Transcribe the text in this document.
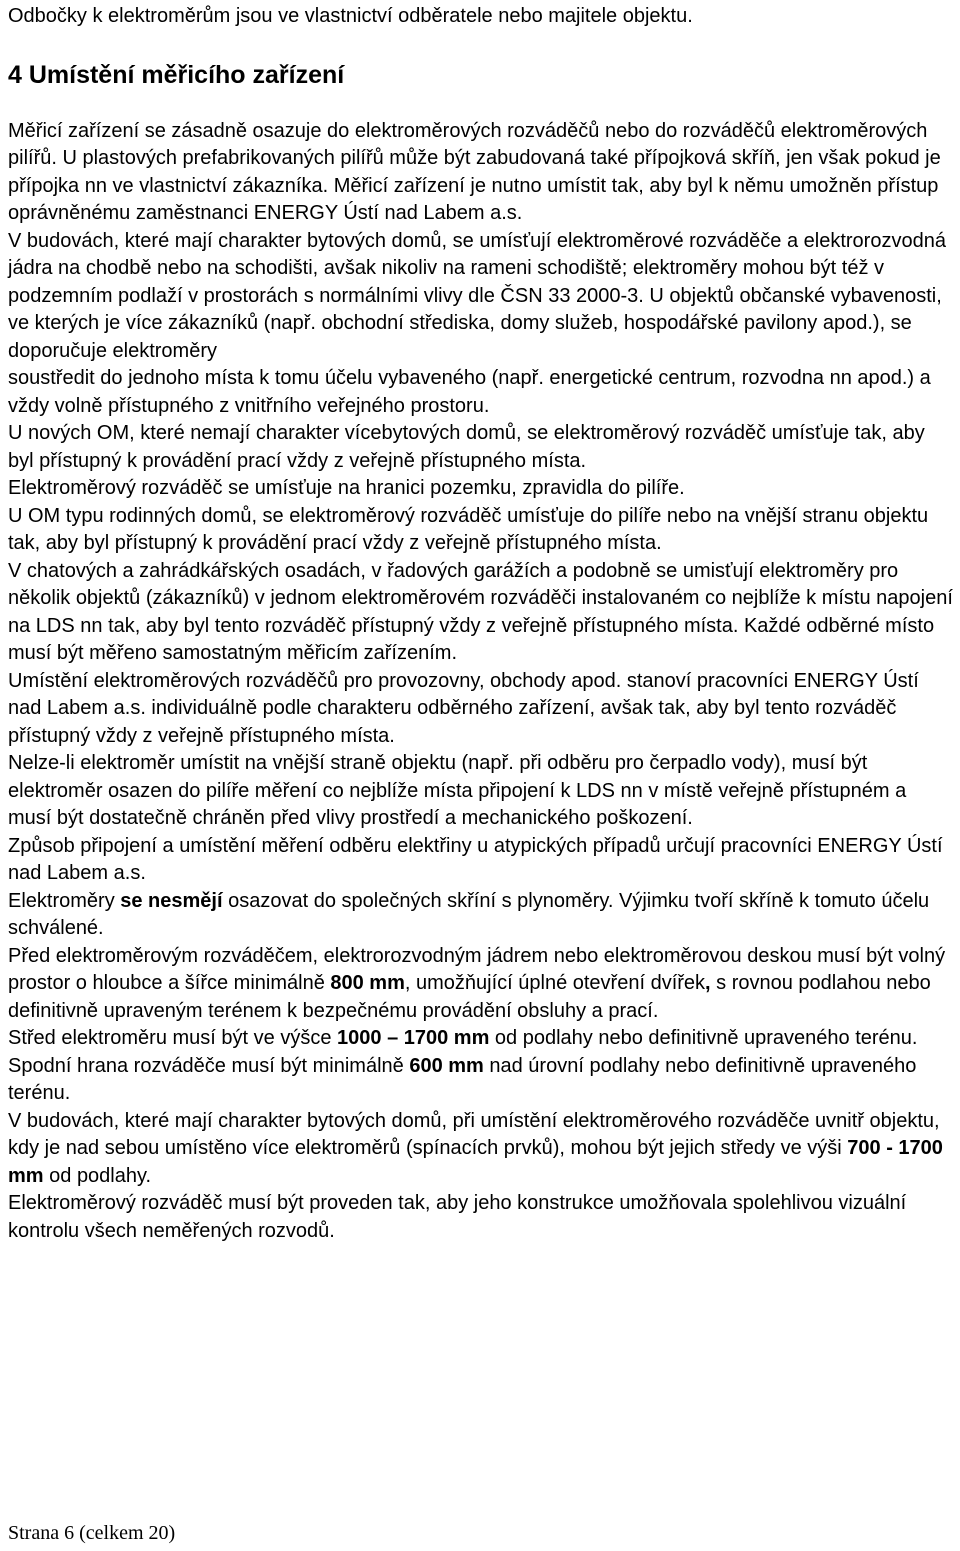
Odbočky k elektroměrům jsou ve vlastnictví odběratele nebo majitele objektu.

4 Umístění měřicího zařízení

Měřicí zařízení se zásadně osazuje do elektroměrových rozváděčů nebo do rozváděčů elektroměrových pilířů. U plastových prefabrikovaných pilířů může být zabudovaná také přípojková skříň, jen však pokud je přípojka nn ve vlastnictví zákazníka. Měřicí zařízení je nutno umístit tak, aby byl k němu umožněn přístup oprávněnému zaměstnanci ENERGY Ústí nad Labem a.s.

V budovách, které mají charakter bytových domů, se umísťují elektroměrové rozváděče a elektrorozvodná jádra na chodbě nebo na schodišti, avšak nikoliv na rameni schodiště; elektroměry mohou být též v podzemním podlaží v prostorách s normálními vlivy dle ČSN 33 2000-3. U objektů občanské vybavenosti, ve kterých je více zákazníků (např. obchodní střediska, domy služeb, hospodářské pavilony apod.), se doporučuje elektroměry

soustředit do jednoho místa k tomu účelu vybaveného (např. energetické centrum, rozvodna nn apod.) a vždy volně přístupného z vnitřního veřejného prostoru.

U nových OM, které nemají charakter vícebytových domů, se elektroměrový rozváděč umísťuje tak, aby byl přístupný k provádění prací vždy z veřejně přístupného místa.

Elektroměrový rozváděč se umísťuje na hranici pozemku, zpravidla do pilíře.

U OM typu rodinných domů, se elektroměrový rozváděč umísťuje do pilíře nebo na vnější stranu objektu tak, aby byl přístupný k provádění prací vždy z veřejně přístupného místa.

V chatových a zahrádkářských osadách, v řadových garážích a podobně se umisťují elektroměry pro několik objektů (zákazníků) v jednom elektroměrovém rozváděči instalovaném co nejblíže k místu napojení na LDS nn tak, aby byl tento rozváděč přístupný vždy z veřejně přístupného místa. Každé odběrné místo musí být měřeno samostatným měřicím zařízením.

Umístění elektroměrových rozváděčů pro provozovny, obchody apod. stanoví pracovníci ENERGY Ústí nad Labem a.s. individuálně podle charakteru odběrného zařízení, avšak tak, aby byl tento rozváděč přístupný vždy z veřejně přístupného místa.

Nelze-li elektroměr umístit na vnější straně objektu (např. při odběru pro čerpadlo vody), musí být elektroměr osazen do pilíře měření co nejblíže místa připojení k LDS nn v místě veřejně přístupném a musí být dostatečně chráněn před vlivy prostředí a mechanického poškození.

Způsob připojení a umístění měření odběru elektřiny u atypických případů určují pracovníci ENERGY Ústí nad Labem a.s.

Elektroměry se nesmějí osazovat do společných skříní s plynoměry. Výjimku tvoří skříně k tomuto účelu schválené.

Před elektroměrovým rozváděčem, elektrorozvodným jádrem nebo elektroměrovou deskou musí být volný prostor o hloubce a šířce minimálně 800 mm, umožňující úplné otevření dvířek, s rovnou podlahou nebo definitivně upraveným terénem k bezpečnému provádění obsluhy a prací.

Střed elektroměru musí být ve výšce 1000 – 1700 mm od podlahy nebo definitivně upraveného terénu. Spodní hrana rozváděče musí být minimálně 600 mm nad úrovní podlahy nebo definitivně upraveného terénu.

V budovách, které mají charakter bytových domů, při umístění elektroměrového rozváděče uvnitř objektu, kdy je nad sebou umístěno více elektroměrů (spínacích prvků), mohou být jejich středy ve výši 700 - 1700 mm od podlahy.

Elektroměrový rozváděč musí být proveden tak, aby jeho konstrukce umožňovala spolehlivou vizuální kontrolu všech neměřených rozvodů.

Strana 6 (celkem 20)
